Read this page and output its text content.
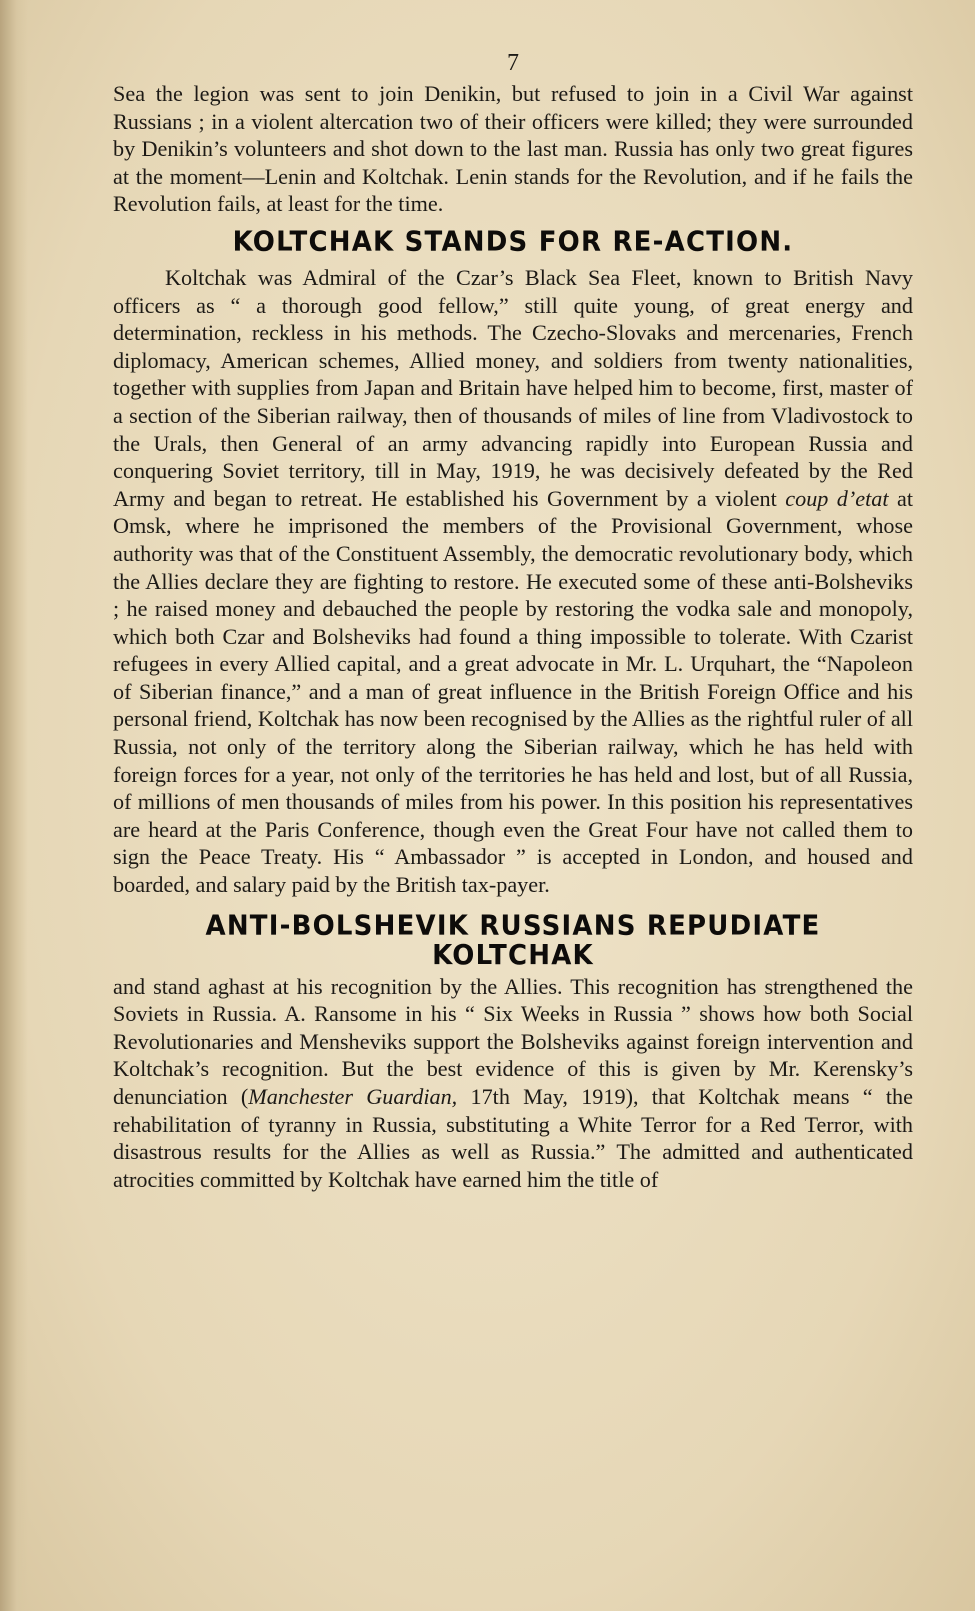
7

Sea the legion was sent to join Denikin, but refused to join in a Civil War against Russians ; in a violent altercation two of their officers were killed; they were surrounded by Denikin’s volunteers and shot down to the last man. Russia has only two great figures at the moment—Lenin and Koltchak. Lenin stands for the Revolution, and if he fails the Revolution fails, at least for the time.

KOLTCHAK STANDS FOR RE-ACTION.

Koltchak was Admiral of the Czar’s Black Sea Fleet, known to British Navy officers as “ a thorough good fellow,” still quite young, of great energy and determination, reckless in his methods. The Czecho-Slovaks and mercenaries, French diplomacy, American schemes, Allied money, and soldiers from twenty nationalities, together with supplies from Japan and Britain have helped him to become, first, master of a section of the Siberian railway, then of thousands of miles of line from Vladivostock to the Urals, then General of an army advancing rapidly into European Russia and conquering Soviet territory, till in May, 1919, he was decisively defeated by the Red Army and began to retreat. He established his Government by a violent coup d’etat at Omsk, where he imprisoned the members of the Provisional Government, whose authority was that of the Constituent Assembly, the democratic revolutionary body, which the Allies declare they are fighting to restore. He executed some of these anti-Bolsheviks ; he raised money and debauched the people by restoring the vodka sale and monopoly, which both Czar and Bolsheviks had found a thing impossible to tolerate. With Czarist refugees in every Allied capital, and a great advocate in Mr. L. Urquhart, the “Napoleon of Siberian finance,” and a man of great influence in the British Foreign Office and his personal friend, Koltchak has now been recognised by the Allies as the rightful ruler of all Russia, not only of the territory along the Siberian railway, which he has held with foreign forces for a year, not only of the territories he has held and lost, but of all Russia, of millions of men thousands of miles from his power. In this position his representatives are heard at the Paris Conference, though even the Great Four have not called them to sign the Peace Treaty. His “ Ambassador ” is accepted in London, and housed and boarded, and salary paid by the British tax-payer.

ANTI-BOLSHEVIK RUSSIANS REPUDIATE
KOLTCHAK

and stand aghast at his recognition by the Allies. This recognition has strengthened the Soviets in Russia. A. Ransome in his “ Six Weeks in Russia ” shows how both Social Revolutionaries and Mensheviks support the Bolsheviks against foreign intervention and Koltchak’s recognition. But the best evidence of this is given by Mr. Kerensky’s denunciation (Manchester Guardian, 17th May, 1919), that Koltchak means “ the rehabilitation of tyranny in Russia, substituting a White Terror for a Red Terror, with disastrous results for the Allies as well as Russia.” The admitted and authenticated atrocities committed by Koltchak have earned him the title of
